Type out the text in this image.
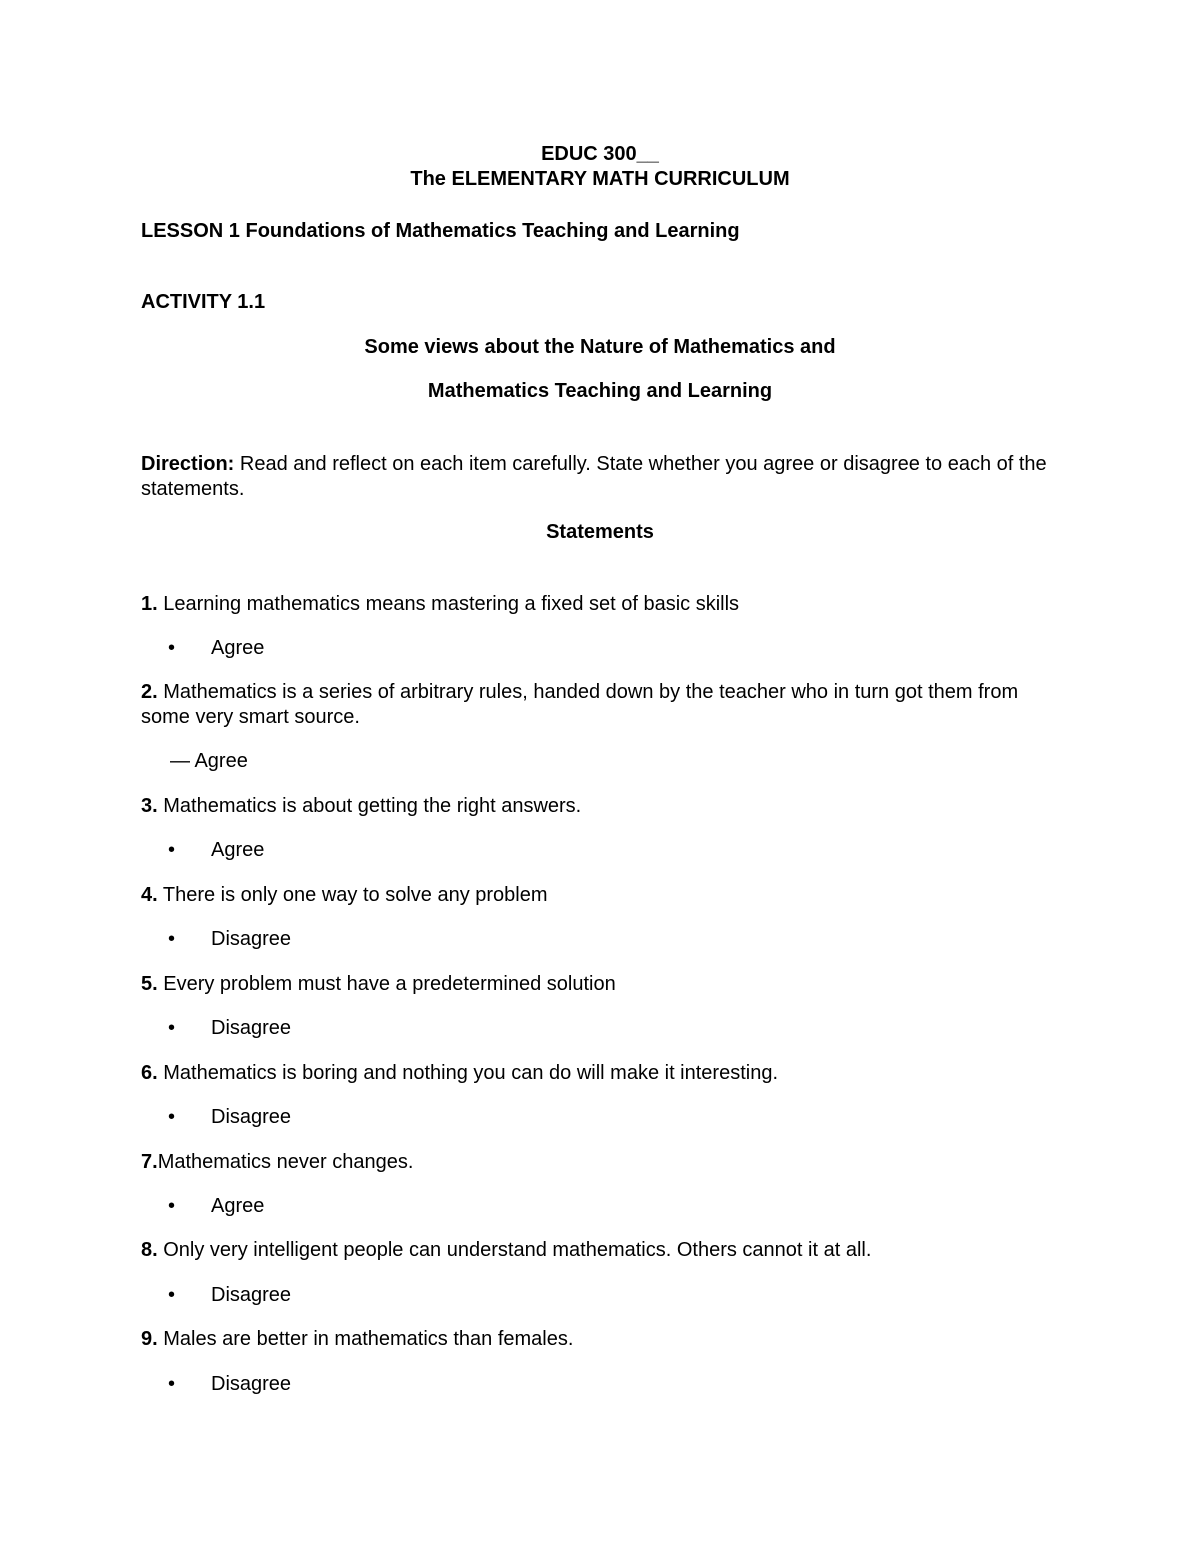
EDUC 300__
The ELEMENTARY MATH CURRICULUM
LESSON 1 Foundations of Mathematics Teaching and Learning
ACTIVITY 1.1
Some views about the Nature of Mathematics and
Mathematics Teaching and Learning
Direction: Read and reflect on each item carefully. State whether you agree or disagree to each of the statements.
Statements
1. Learning mathematics means mastering a fixed set of basic skills
• Agree
2. Mathematics is a series of arbitrary rules, handed down by the teacher who in turn got them from some very smart source.
— Agree
3. Mathematics is about getting the right answers.
• Agree
4. There is only one way to solve any problem
• Disagree
5. Every problem must have a predetermined solution
• Disagree
6. Mathematics is boring and nothing you can do will make it interesting.
• Disagree
7.Mathematics never changes.
• Agree
8. Only very intelligent people can understand mathematics. Others cannot it at all.
• Disagree
9. Males are better in mathematics than females.
• Disagree
